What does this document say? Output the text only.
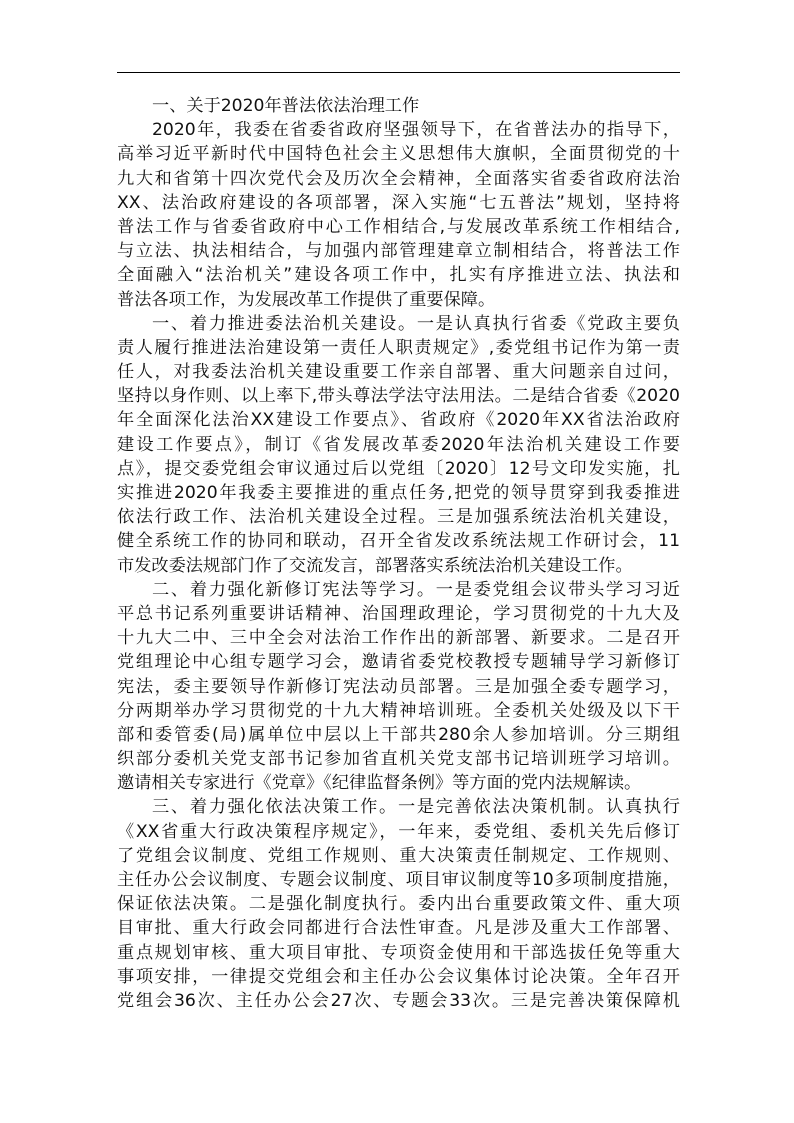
一、关于2020年普法依法治理工作
2020年，我委在省委省政府坚强领导下，在省普法办的指导下，
高举习近平新时代中国特色社会主义思想伟大旗帜，全面贯彻党的十
九大和省第十四次党代会及历次全会精神，全面落实省委省政府法治
XX、法治政府建设的各项部署，深入实施“七五普法”规划，坚持将
普法工作与省委省政府中心工作相结合,与发展改革系统工作相结合,
与立法、执法相结合，与加强内部管理建章立制相结合，将普法工作
全面融入“法治机关”建设各项工作中，扎实有序推进立法、执法和
普法各项工作，为发展改革工作提供了重要保障。
一、着力推进委法治机关建设。一是认真执行省委《党政主要负
责人履行推进法治建设第一责任人职责规定》,委党组书记作为第一责
任人，对我委法治机关建设重要工作亲自部署、重大问题亲自过问，
坚持以身作则、以上率下,带头尊法学法守法用法。二是结合省委《2020
年全面深化法治XX建设工作要点》、省政府《2020年XX省法治政府
建设工作要点》，制订《省发展改革委2020年法治机关建设工作要
点》，提交委党组会审议通过后以党组〔2020〕12号文印发实施，扎
实推进2020年我委主要推进的重点任务,把党的领导贯穿到我委推进
依法行政工作、法治机关建设全过程。三是加强系统法治机关建设，
健全系统工作的协同和联动，召开全省发改系统法规工作研讨会，11
市发改委法规部门作了交流发言，部署落实系统法治机关建设工作。
二、着力强化新修订宪法等学习。一是委党组会议带头学习习近
平总书记系列重要讲话精神、治国理政理论，学习贯彻党的十九大及
十九大二中、三中全会对法治工作作出的新部署、新要求。二是召开
党组理论中心组专题学习会，邀请省委党校教授专题辅导学习新修订
宪法，委主要领导作新修订宪法动员部署。三是加强全委专题学习，
分两期举办学习贯彻党的十九大精神培训班。全委机关处级及以下干
部和委管委(局)属单位中层以上干部共280余人参加培训。分三期组
织部分委机关党支部书记参加省直机关党支部书记培训班学习培训。
邀请相关专家进行《党章》《纪律监督条例》等方面的党内法规解读。
三、着力强化依法决策工作。一是完善依法决策机制。认真执行
《XX省重大行政决策程序规定》，一年来，委党组、委机关先后修订
了党组会议制度、党组工作规则、重大决策责任制规定、工作规则、
主任办公会议制度、专题会议制度、项目审议制度等10多项制度措施，
保证依法决策。二是强化制度执行。委内出台重要政策文件、重大项
目审批、重大行政会同都进行合法性审查。凡是涉及重大工作部署、
重点规划审核、重大项目审批、专项资金使用和干部选拔任免等重大
事项安排，一律提交党组会和主任办公会议集体讨论决策。全年召开
党组会36次、主任办公会27次、专题会33次。三是完善决策保障机
